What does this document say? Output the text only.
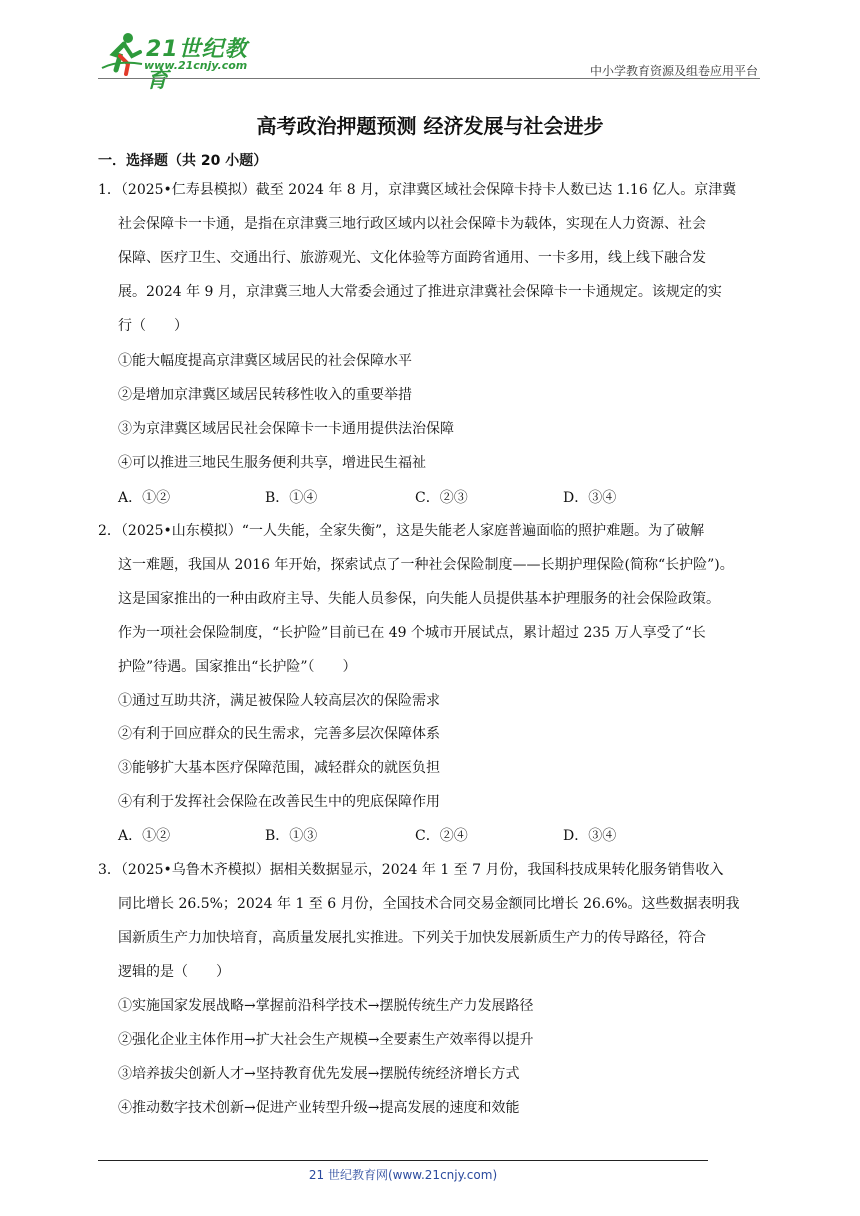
21世纪教育
www.21cnjy.com	中小学教育资源及组卷应用平台
高考政治押题预测 经济发展与社会进步
一．选择题（共 20 小题）
1．（2025•仁寿县模拟）截至 2024 年 8 月，京津冀区域社会保障卡持卡人数已达 1.16 亿人。京津冀
社会保障卡一卡通，是指在京津冀三地行政区域内以社会保障卡为载体，实现在人力资源、社会
保障、医疗卫生、交通出行、旅游观光、文化体验等方面跨省通用、一卡多用，线上线下融合发
展。2024 年 9 月，京津冀三地人大常委会通过了推进京津冀社会保障卡一卡通规定。该规定的实
行（　　）
①能大幅度提高京津冀区域居民的社会保障水平
②是增加京津冀区域居民转移性收入的重要举措
③为京津冀区域居民社会保障卡一卡通用提供法治保障
④可以推进三地民生服务便利共享，增进民生福祉
A．①②	B．①④	C．②③	D．③④
2．（2025•山东模拟）“一人失能，全家失衡”，这是失能老人家庭普遍面临的照护难题。为了破解
这一难题，我国从 2016 年开始，探索试点了一种社会保险制度——长期护理保险(简称“长护险”)。
这是国家推出的一种由政府主导、失能人员参保，向失能人员提供基本护理服务的社会保险政策。
作为一项社会保险制度，“长护险”目前已在 49 个城市开展试点，累计超过 235 万人享受了“长
护险”待遇。国家推出“长护险”（　　）
①通过互助共济，满足被保险人较高层次的保险需求
②有利于回应群众的民生需求，完善多层次保障体系
③能够扩大基本医疗保障范围，减轻群众的就医负担
④有利于发挥社会保险在改善民生中的兜底保障作用
A．①②	B．①③	C．②④	D．③④
3．（2025•乌鲁木齐模拟）据相关数据显示，2024 年 1 至 7 月份，我国科技成果转化服务销售收入
同比增长 26.5%；2024 年 1 至 6 月份，全国技术合同交易金额同比增长 26.6%。这些数据表明我
国新质生产力加快培育，高质量发展扎实推进。下列关于加快发展新质生产力的传导路径，符合
逻辑的是（　　）
①实施国家发展战略→掌握前沿科学技术→摆脱传统生产力发展路径
②强化企业主体作用→扩大社会生产规模→全要素生产效率得以提升
③培养拔尖创新人才→坚持教育优先发展→摆脱传统经济增长方式
④推动数字技术创新→促进产业转型升级→提高发展的速度和效能
21 世纪教育网(www.21cnjy.com)
